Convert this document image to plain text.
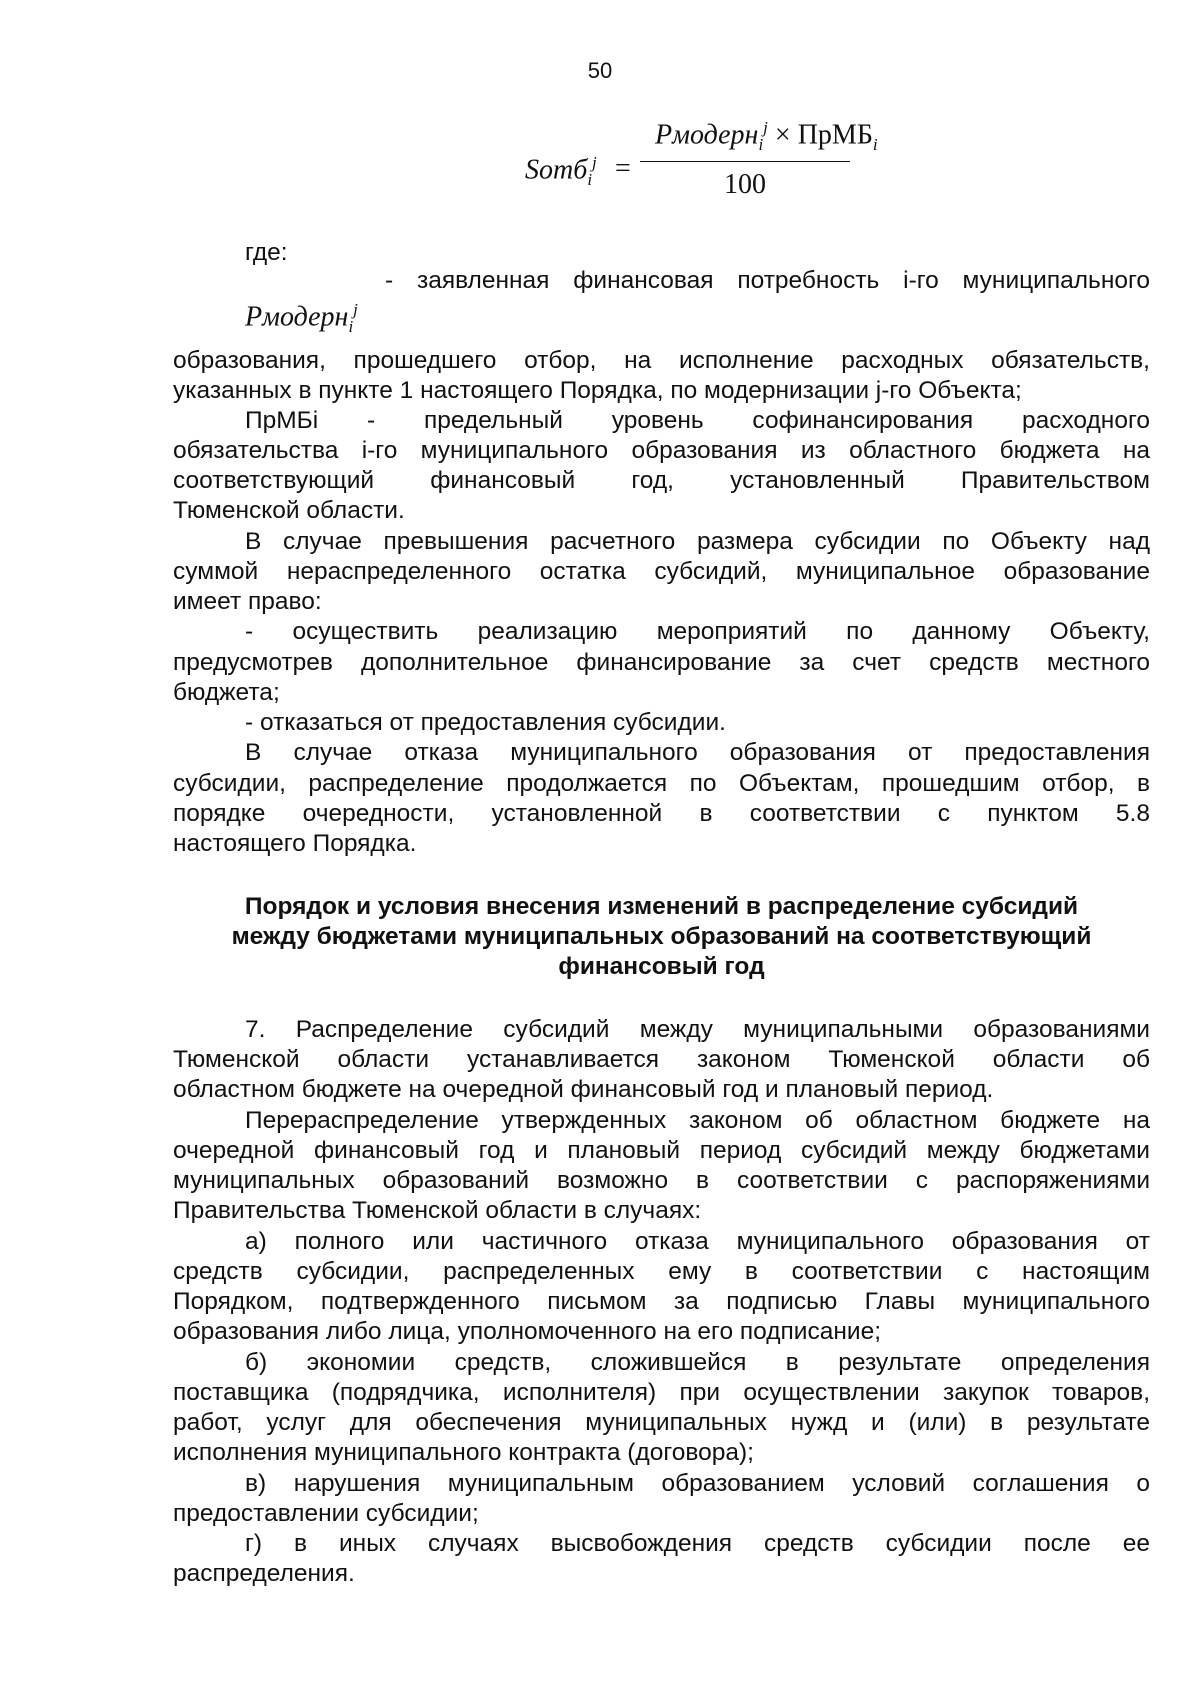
50
Sотб$_i^j$ =
Рмодерн$_i^j$ × ПрМБ$_i$
100
где:
Рмодерн$_i^j$
- заявленная финансовая потребность i-го муниципального
образования, прошедшего отбор, на исполнение расходных обязательств,
указанных в пункте 1 настоящего Порядка, по модернизации j-го Объекта;
ПрМБi - предельный уровень софинансирования расходного
обязательства i-го муниципального образования из областного бюджета на
соответствующий финансовый год, установленный Правительством
Тюменской области.
В случае превышения расчетного размера субсидии по Объекту над
суммой нераспределенного остатка субсидий, муниципальное образование
имеет право:
- осуществить реализацию мероприятий по данному Объекту,
предусмотрев дополнительное финансирование за счет средств местного
бюджета;
- отказаться от предоставления субсидии.
В случае отказа муниципального образования от предоставления
субсидии, распределение продолжается по Объектам, прошедшим отбор, в
порядке очередности, установленной в соответствии с пунктом 5.8
настоящего Порядка.
Порядок и условия внесения изменений в распределение субсидий
между бюджетами муниципальных образований на соответствующий
финансовый год
7. Распределение субсидий между муниципальными образованиями
Тюменской области устанавливается законом Тюменской области об
областном бюджете на очередной финансовый год и плановый период.
Перераспределение утвержденных законом об областном бюджете на
очередной финансовый год и плановый период субсидий между бюджетами
муниципальных образований возможно в соответствии с распоряжениями
Правительства Тюменской области в случаях:
а) полного или частичного отказа муниципального образования от
средств субсидии, распределенных ему в соответствии с настоящим
Порядком, подтвержденного письмом за подписью Главы муниципального
образования либо лица, уполномоченного на его подписание;
б) экономии средств, сложившейся в результате определения
поставщика (подрядчика, исполнителя) при осуществлении закупок товаров,
работ, услуг для обеспечения муниципальных нужд и (или) в результате
исполнения муниципального контракта (договора);
в) нарушения муниципальным образованием условий соглашения о
предоставлении субсидии;
г) в иных случаях высвобождения средств субсидии после ее
распределения.
